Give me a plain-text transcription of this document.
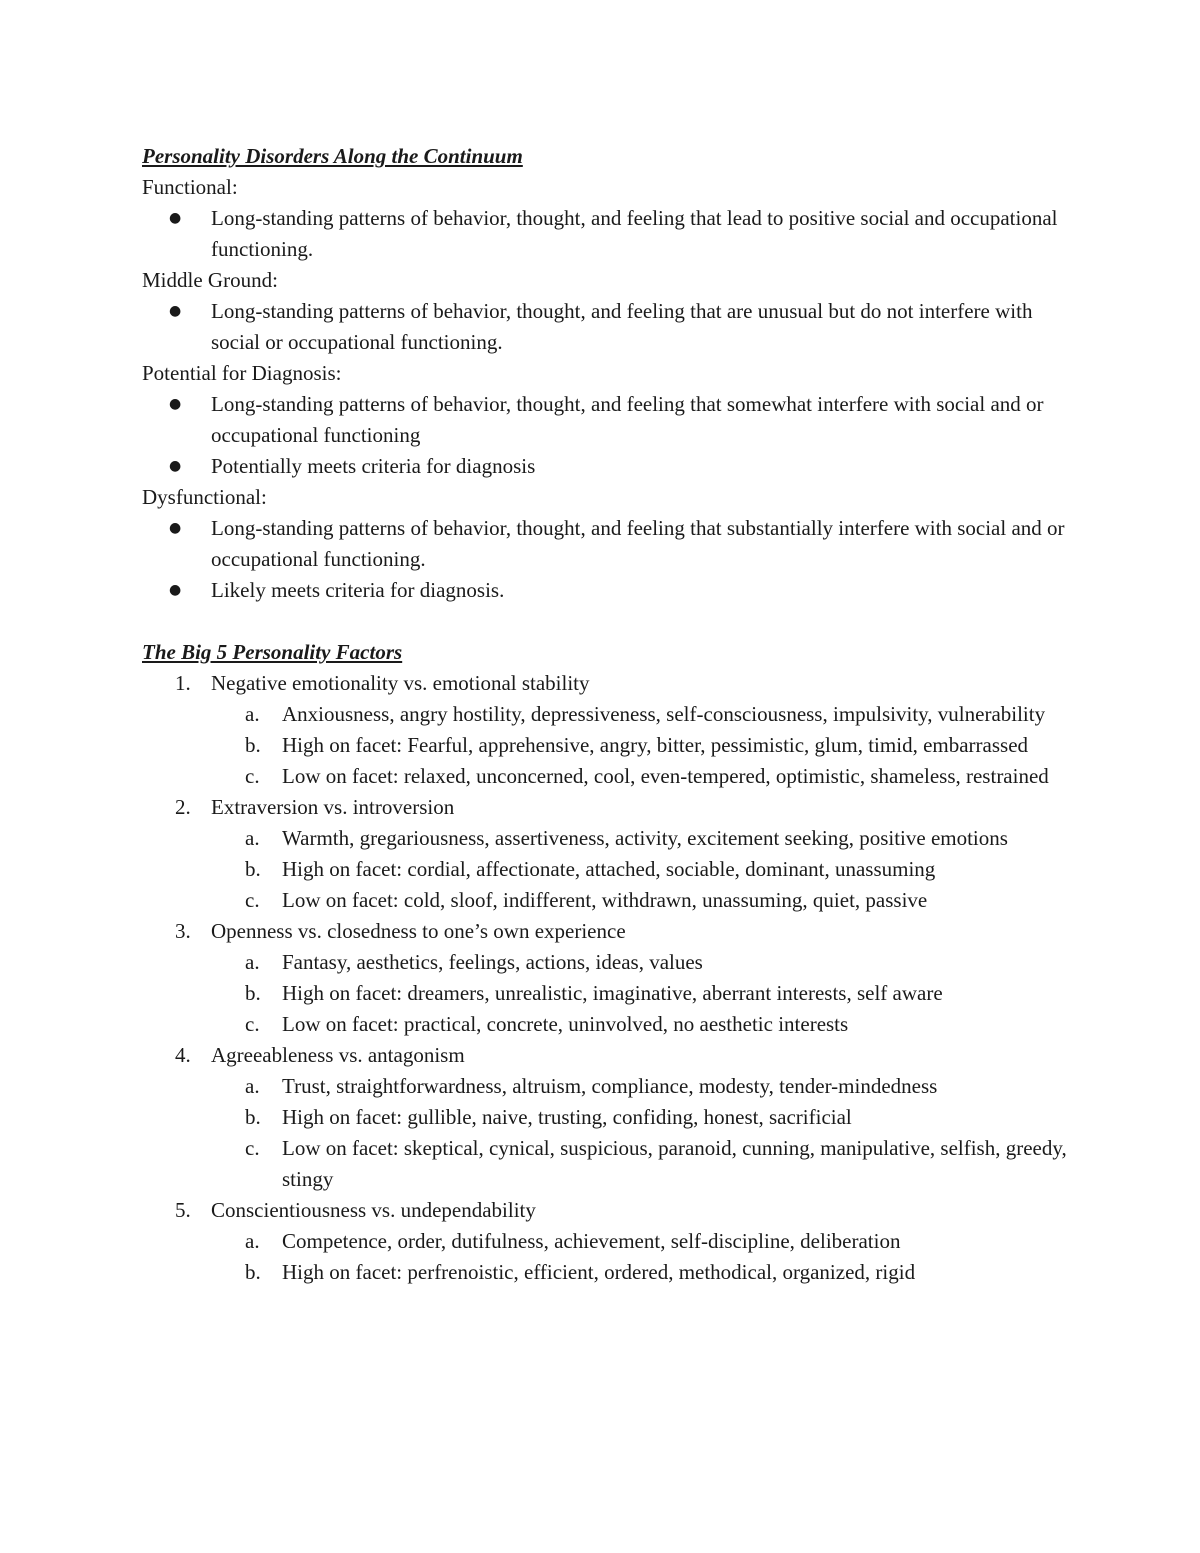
Personality Disorders Along the Continuum
Functional:
● Long-standing patterns of behavior, thought, and feeling that lead to positive social and occupational functioning.
Middle Ground:
● Long-standing patterns of behavior, thought, and feeling that are unusual but do not interfere with social or occupational functioning.
Potential for Diagnosis:
● Long-standing patterns of behavior, thought, and feeling that somewhat interfere with social and or occupational functioning
● Potentially meets criteria for diagnosis
Dysfunctional:
● Long-standing patterns of behavior, thought, and feeling that substantially interfere with social and or occupational functioning.
● Likely meets criteria for diagnosis.
The Big 5 Personality Factors
1. Negative emotionality vs. emotional stability
a. Anxiousness, angry hostility, depressiveness, self-consciousness, impulsivity, vulnerability
b. High on facet: Fearful, apprehensive, angry, bitter, pessimistic, glum, timid, embarrassed
c. Low on facet: relaxed, unconcerned, cool, even-tempered, optimistic, shameless, restrained
2. Extraversion vs. introversion
a. Warmth, gregariousness, assertiveness, activity, excitement seeking, positive emotions
b. High on facet: cordial, affectionate, attached, sociable, dominant, unassuming
c. Low on facet: cold, sloof, indifferent, withdrawn, unassuming, quiet, passive
3. Openness vs. closedness to one’s own experience
a. Fantasy, aesthetics, feelings, actions, ideas, values
b. High on facet: dreamers, unrealistic, imaginative, aberrant interests, self aware
c. Low on facet: practical, concrete, uninvolved, no aesthetic interests
4. Agreeableness vs. antagonism
a. Trust, straightforwardness, altruism, compliance, modesty, tender-mindedness
b. High on facet: gullible, naive, trusting, confiding, honest, sacrificial
c. Low on facet: skeptical, cynical, suspicious, paranoid, cunning, manipulative, selfish, greedy, stingy
5. Conscientiousness vs. undependability
a. Competence, order, dutifulness, achievement, self-discipline, deliberation
b. High on facet: perfrenoistic, efficient, ordered, methodical, organized, rigid
